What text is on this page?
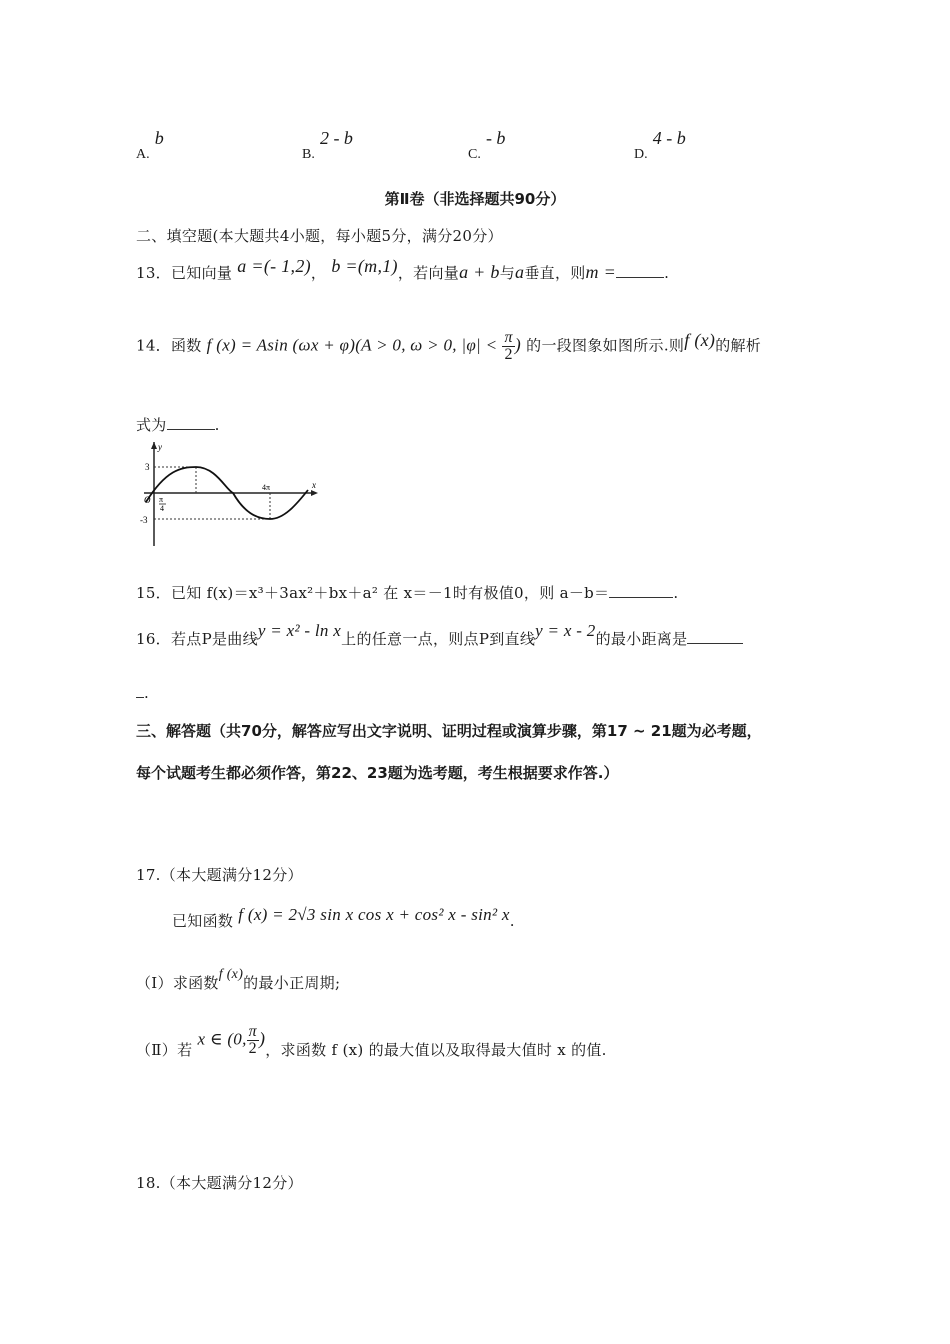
A. b
B. 2 - b
C. - b
D. 4 - b
第Ⅱ卷（非选择题共90分）
二、填空题(本大题共4小题，每小题5分，满分20分）
13．已知向量 a =(- 1,2)， b =(m,1)，若向量a + b与a垂直，则m =	.
14．函数 f (x) = Asin (ωx + φ)(A > 0, ω > 0, $|\varphi| < \frac{\pi}{2}$ ) 的一段图象如图所示.则f (x)的解析
式为	.
y
x
O
3
-3
π
4
4π
15．已知 f(x)＝x³＋3ax²＋bx＋a² 在 x＝－1时有极值0，则 a－b＝	.
16．若点P是曲线y = x² - ln x上的任意一点，则点P到直线y = x - 2的最小距离是
.
三、解答题（共70分，解答应写出文字说明、证明过程或演算步骤，第17 ~ 21题为必考题，
每个试题考生都必须作答，第22、23题为选考题，考生根据要求作答.）
17.（本大题满分12分）
已知函数 f (x) = 2√3 sin x cos x + cos² x - sin² x.
（Ⅰ）求函数f (x)的最小正周期;
（Ⅱ）若 x ∈ (0, $\frac{\pi}{2}$ )，求函数 f (x) 的最大值以及取得最大值时 x 的值.
18.（本大题满分12分）
